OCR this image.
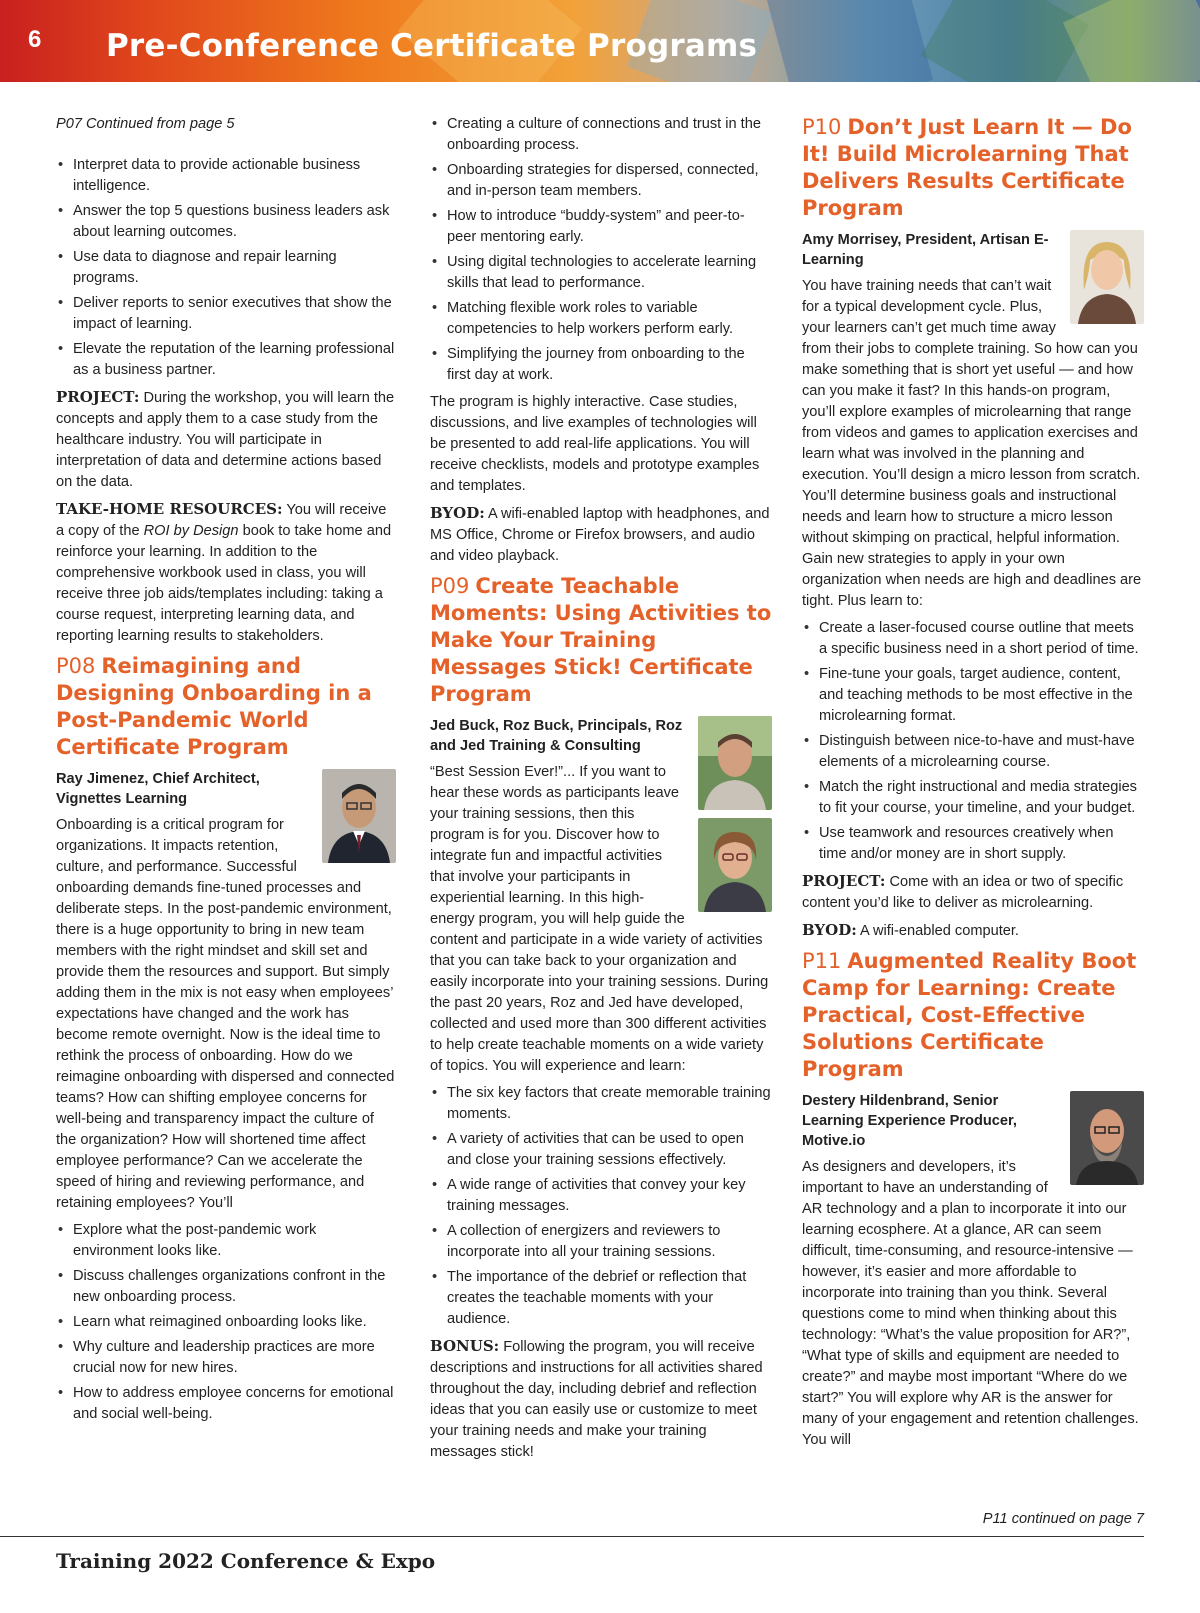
6 Pre-Conference Certificate Programs

P07 Continued from page 5

• Interpret data to provide actionable business intelligence.
• Answer the top 5 questions business leaders ask about learning outcomes.
• Use data to diagnose and repair learning programs.
• Deliver reports to senior executives that show the impact of learning.
• Elevate the reputation of the learning professional as a business partner.

PROJECT: During the workshop, you will learn the concepts and apply them to a case study from the healthcare industry. You will participate in interpretation of data and determine actions based on the data.

TAKE-HOME RESOURCES: You will receive a copy of the ROI by Design book to take home and reinforce your learning. In addition to the comprehensive workbook used in class, you will receive three job aids/templates including: taking a course request, interpreting learning data, and reporting learning results to stakeholders.

P08 Reimagining and Designing Onboarding in a Post-Pandemic World Certificate Program

Ray Jimenez, Chief Architect, Vignettes Learning

Onboarding is a critical program for organizations. It impacts retention, culture, and performance. Successful onboarding demands fine-tuned processes and deliberate steps. In the post-pandemic environment, there is a huge opportunity to bring in new team members with the right mindset and skill set and provide them the resources and support. But simply adding them in the mix is not easy when employees’ expectations have changed and the work has become remote overnight. Now is the ideal time to rethink the process of onboarding. How do we reimagine onboarding with dispersed and connected teams? How can shifting employee concerns for well-being and transparency impact the culture of the organization? How will shortened time affect employee performance? Can we accelerate the speed of hiring and reviewing performance, and retaining employees? You’ll

• Explore what the post-pandemic work environment looks like.
• Discuss challenges organizations confront in the new onboarding process.
• Learn what reimagined onboarding looks like.
• Why culture and leadership practices are more crucial now for new hires.
• How to address employee concerns for emotional and social well-being.
• Creating a culture of connections and trust in the onboarding process.
• Onboarding strategies for dispersed, connected, and in-person team members.
• How to introduce “buddy-system” and peer-to-peer mentoring early.
• Using digital technologies to accelerate learning skills that lead to performance.
• Matching flexible work roles to variable competencies to help workers perform early.
• Simplifying the journey from onboarding to the first day at work.

The program is highly interactive. Case studies, discussions, and live examples of technologies will be presented to add real-life applications. You will receive checklists, models and prototype examples and templates.

BYOD: A wifi-enabled laptop with headphones, and MS Office, Chrome or Firefox browsers, and audio and video playback.

P09 Create Teachable Moments: Using Activities to Make Your Training Messages Stick! Certificate Program

Jed Buck, Roz Buck, Principals, Roz and Jed Training & Consulting

“Best Session Ever!”... If you want to hear these words as participants leave your training sessions, then this program is for you. Discover how to integrate fun and impactful activities that involve your participants in experiential learning. In this high-energy program, you will help guide the content and participate in a wide variety of activities that you can take back to your organization and easily incorporate into your training sessions. During the past 20 years, Roz and Jed have developed, collected and used more than 300 different activities to help create teachable moments on a wide variety of topics. You will experience and learn:

• The six key factors that create memorable training moments.
• A variety of activities that can be used to open and close your training sessions effectively.
• A wide range of activities that convey your key training messages.
• A collection of energizers and reviewers to incorporate into all your training sessions.
• The importance of the debrief or reflection that creates the teachable moments with your audience.

BONUS: Following the program, you will receive descriptions and instructions for all activities shared throughout the day, including debrief and reflection ideas that you can easily use or customize to meet your training needs and make your training messages stick!

P10 Don’t Just Learn It — Do It! Build Microlearning That Delivers Results Certificate Program

Amy Morrisey, President, Artisan E-Learning

You have training needs that can’t wait for a typical development cycle. Plus, your learners can’t get much time away from their jobs to complete training. So how can you make something that is short yet useful — and how can you make it fast? In this hands-on program, you’ll explore examples of microlearning that range from videos and games to application exercises and learn what was involved in the planning and execution. You’ll design a micro lesson from scratch. You’ll determine business goals and instructional needs and learn how to structure a micro lesson without skimping on practical, helpful information. Gain new strategies to apply in your own organization when needs are high and deadlines are tight. Plus learn to:

• Create a laser-focused course outline that meets a specific business need in a short period of time.
• Fine-tune your goals, target audience, content, and teaching methods to be most effective in the microlearning format.
• Distinguish between nice-to-have and must-have elements of a microlearning course.
• Match the right instructional and media strategies to fit your course, your timeline, and your budget.
• Use teamwork and resources creatively when time and/or money are in short supply.

PROJECT: Come with an idea or two of specific content you’d like to deliver as microlearning.

BYOD: A wifi-enabled computer.

P11 Augmented Reality Boot Camp for Learning: Create Practical, Cost-Effective Solutions Certificate Program

Destery Hildenbrand, Senior Learning Experience Producer, Motive.io

As designers and developers, it’s important to have an understanding of AR technology and a plan to incorporate it into our learning ecosphere. At a glance, AR can seem difficult, time-consuming, and resource-intensive — however, it’s easier and more affordable to incorporate into training than you think. Several questions come to mind when thinking about this technology: “What’s the value proposition for AR?”, “What type of skills and equipment are needed to create?” and maybe most important “Where do we start?” You will explore why AR is the answer for many of your engagement and retention challenges. You will

P11 continued on page 7
Training 2022 Conference & Expo
